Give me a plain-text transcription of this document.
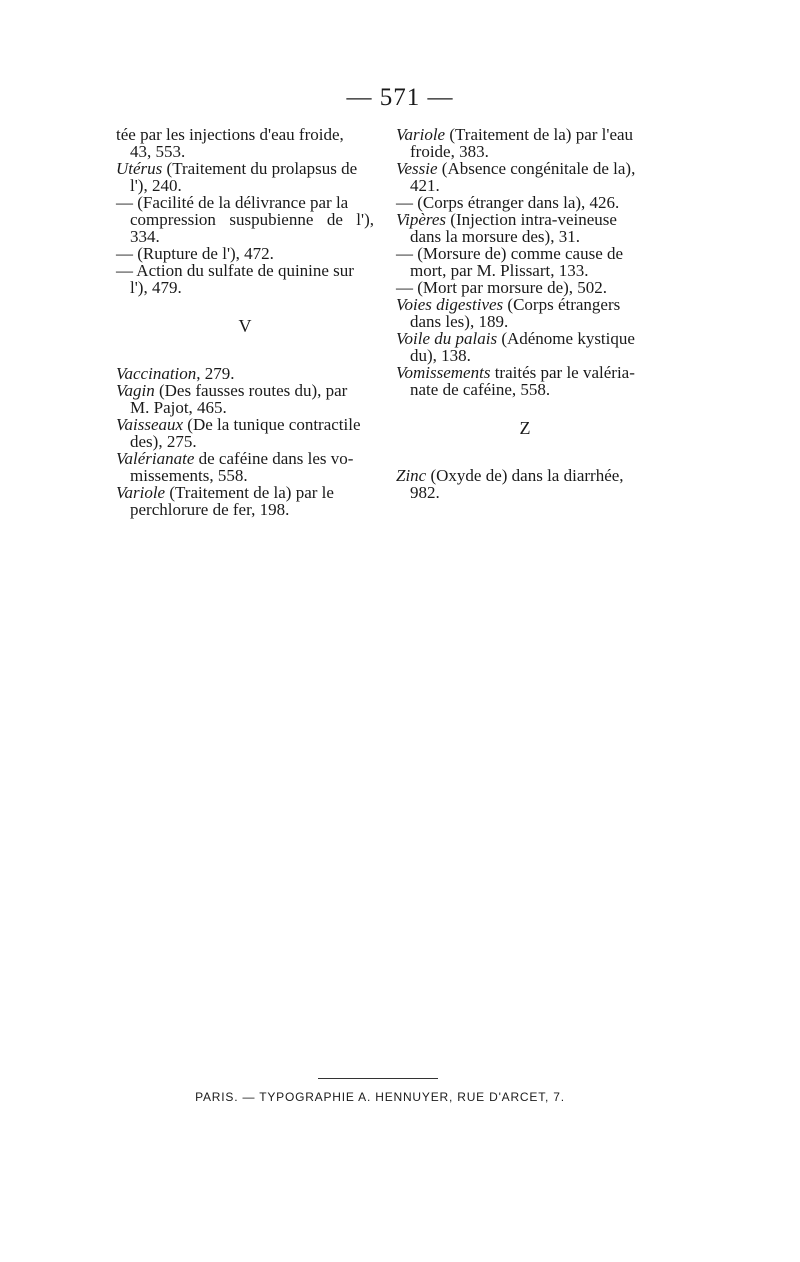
— 571 —

tée par les injections d'eau froide,
43, 553.

Utérus (Traitement du prolapsus de
l'), 240.

— (Facilité de la délivrance par la
compression suspubienne de l'), 334.

— (Rupture de l'), 472.

— Action du sulfate de quinine sur
l'), 479.

V

Vaccination, 279.

Vagin (Des fausses routes du), par
M. Pajot, 465.

Vaisseaux (De la tunique contractile
des), 275.

Valérianate de caféine dans les vo-
missements, 558.

Variole (Traitement de la) par le
perchlorure de fer, 198.

Variole (Traitement de la) par l'eau
froide, 383.

Vessie (Absence congénitale de la),
421.

— (Corps étranger dans la), 426.

Vipères (Injection intra-veineuse
dans la morsure des), 31.

— (Morsure de) comme cause de
mort, par M. Plissart, 133.

— (Mort par morsure de), 502.

Voies digestives (Corps étrangers
dans les), 189.

Voile du palais (Adénome kystique
du), 138.

Vomissements traités par le valéria-
nate de caféine, 558.

Z

Zinc (Oxyde de) dans la diarrhée,
982.

PARIS. — TYPOGRAPHIE A. HENNUYER, RUE D'ARCET, 7.
